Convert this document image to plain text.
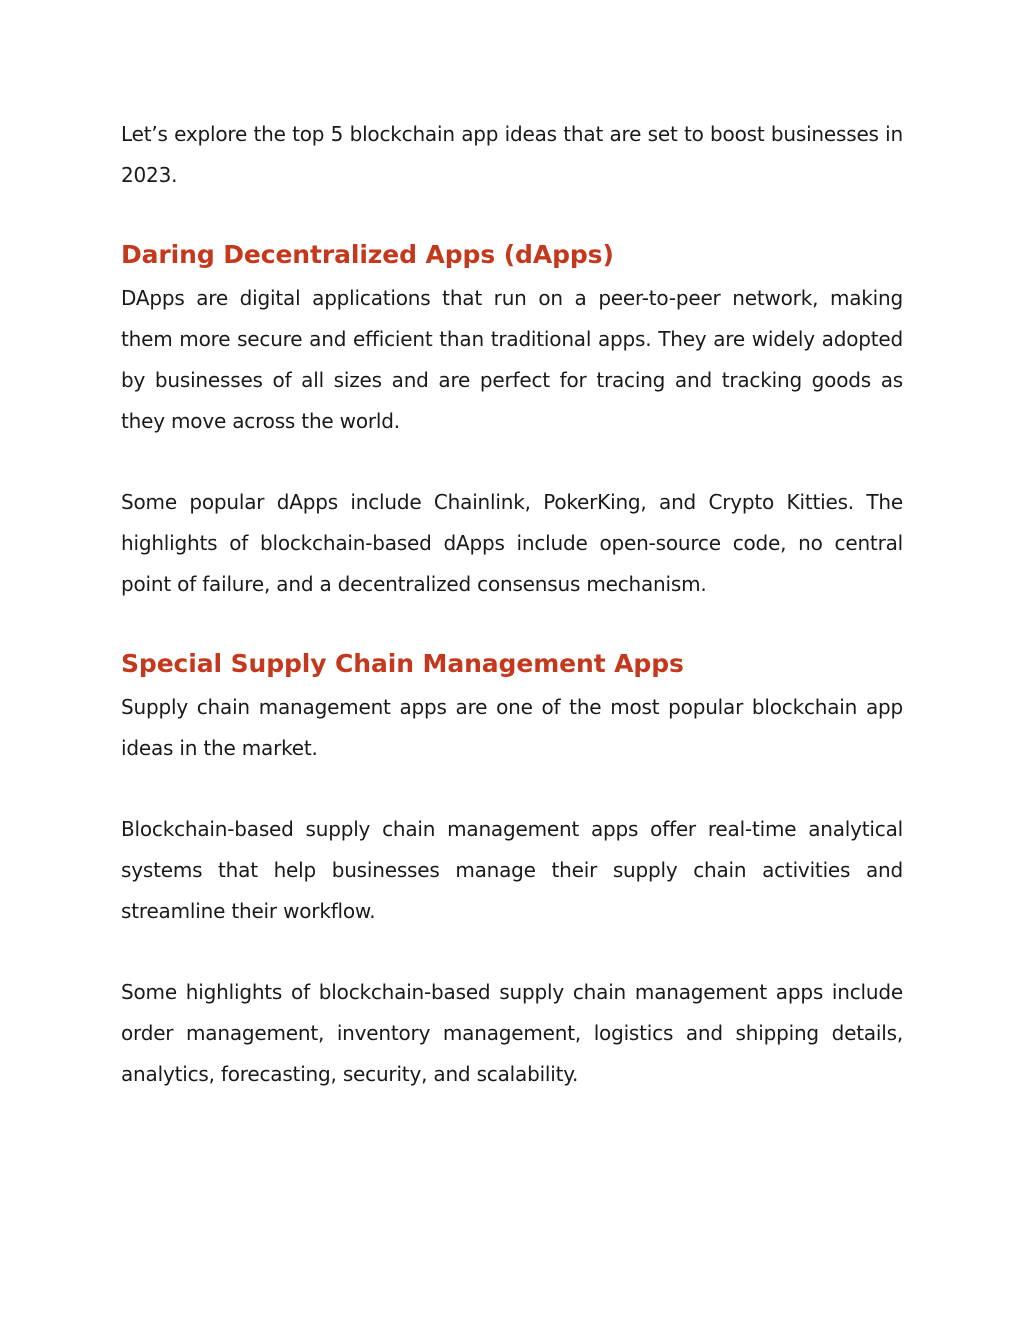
Let’s explore the top 5 blockchain app ideas that are set to boost businesses in 2023.

Daring Decentralized Apps (dApps)

DApps are digital applications that run on a peer-to-peer network, making them more secure and efficient than traditional apps. They are widely adopted by businesses of all sizes and are perfect for tracing and tracking goods as they move across the world.

Some popular dApps include Chainlink, PokerKing, and Crypto Kitties. The highlights of blockchain-based dApps include open-source code, no central point of failure, and a decentralized consensus mechanism.

Special Supply Chain Management Apps

Supply chain management apps are one of the most popular blockchain app ideas in the market.

Blockchain-based supply chain management apps offer real-time analytical systems that help businesses manage their supply chain activities and streamline their workflow.

Some highlights of blockchain-based supply chain management apps include order management, inventory management, logistics and shipping details, analytics, forecasting, security, and scalability.
